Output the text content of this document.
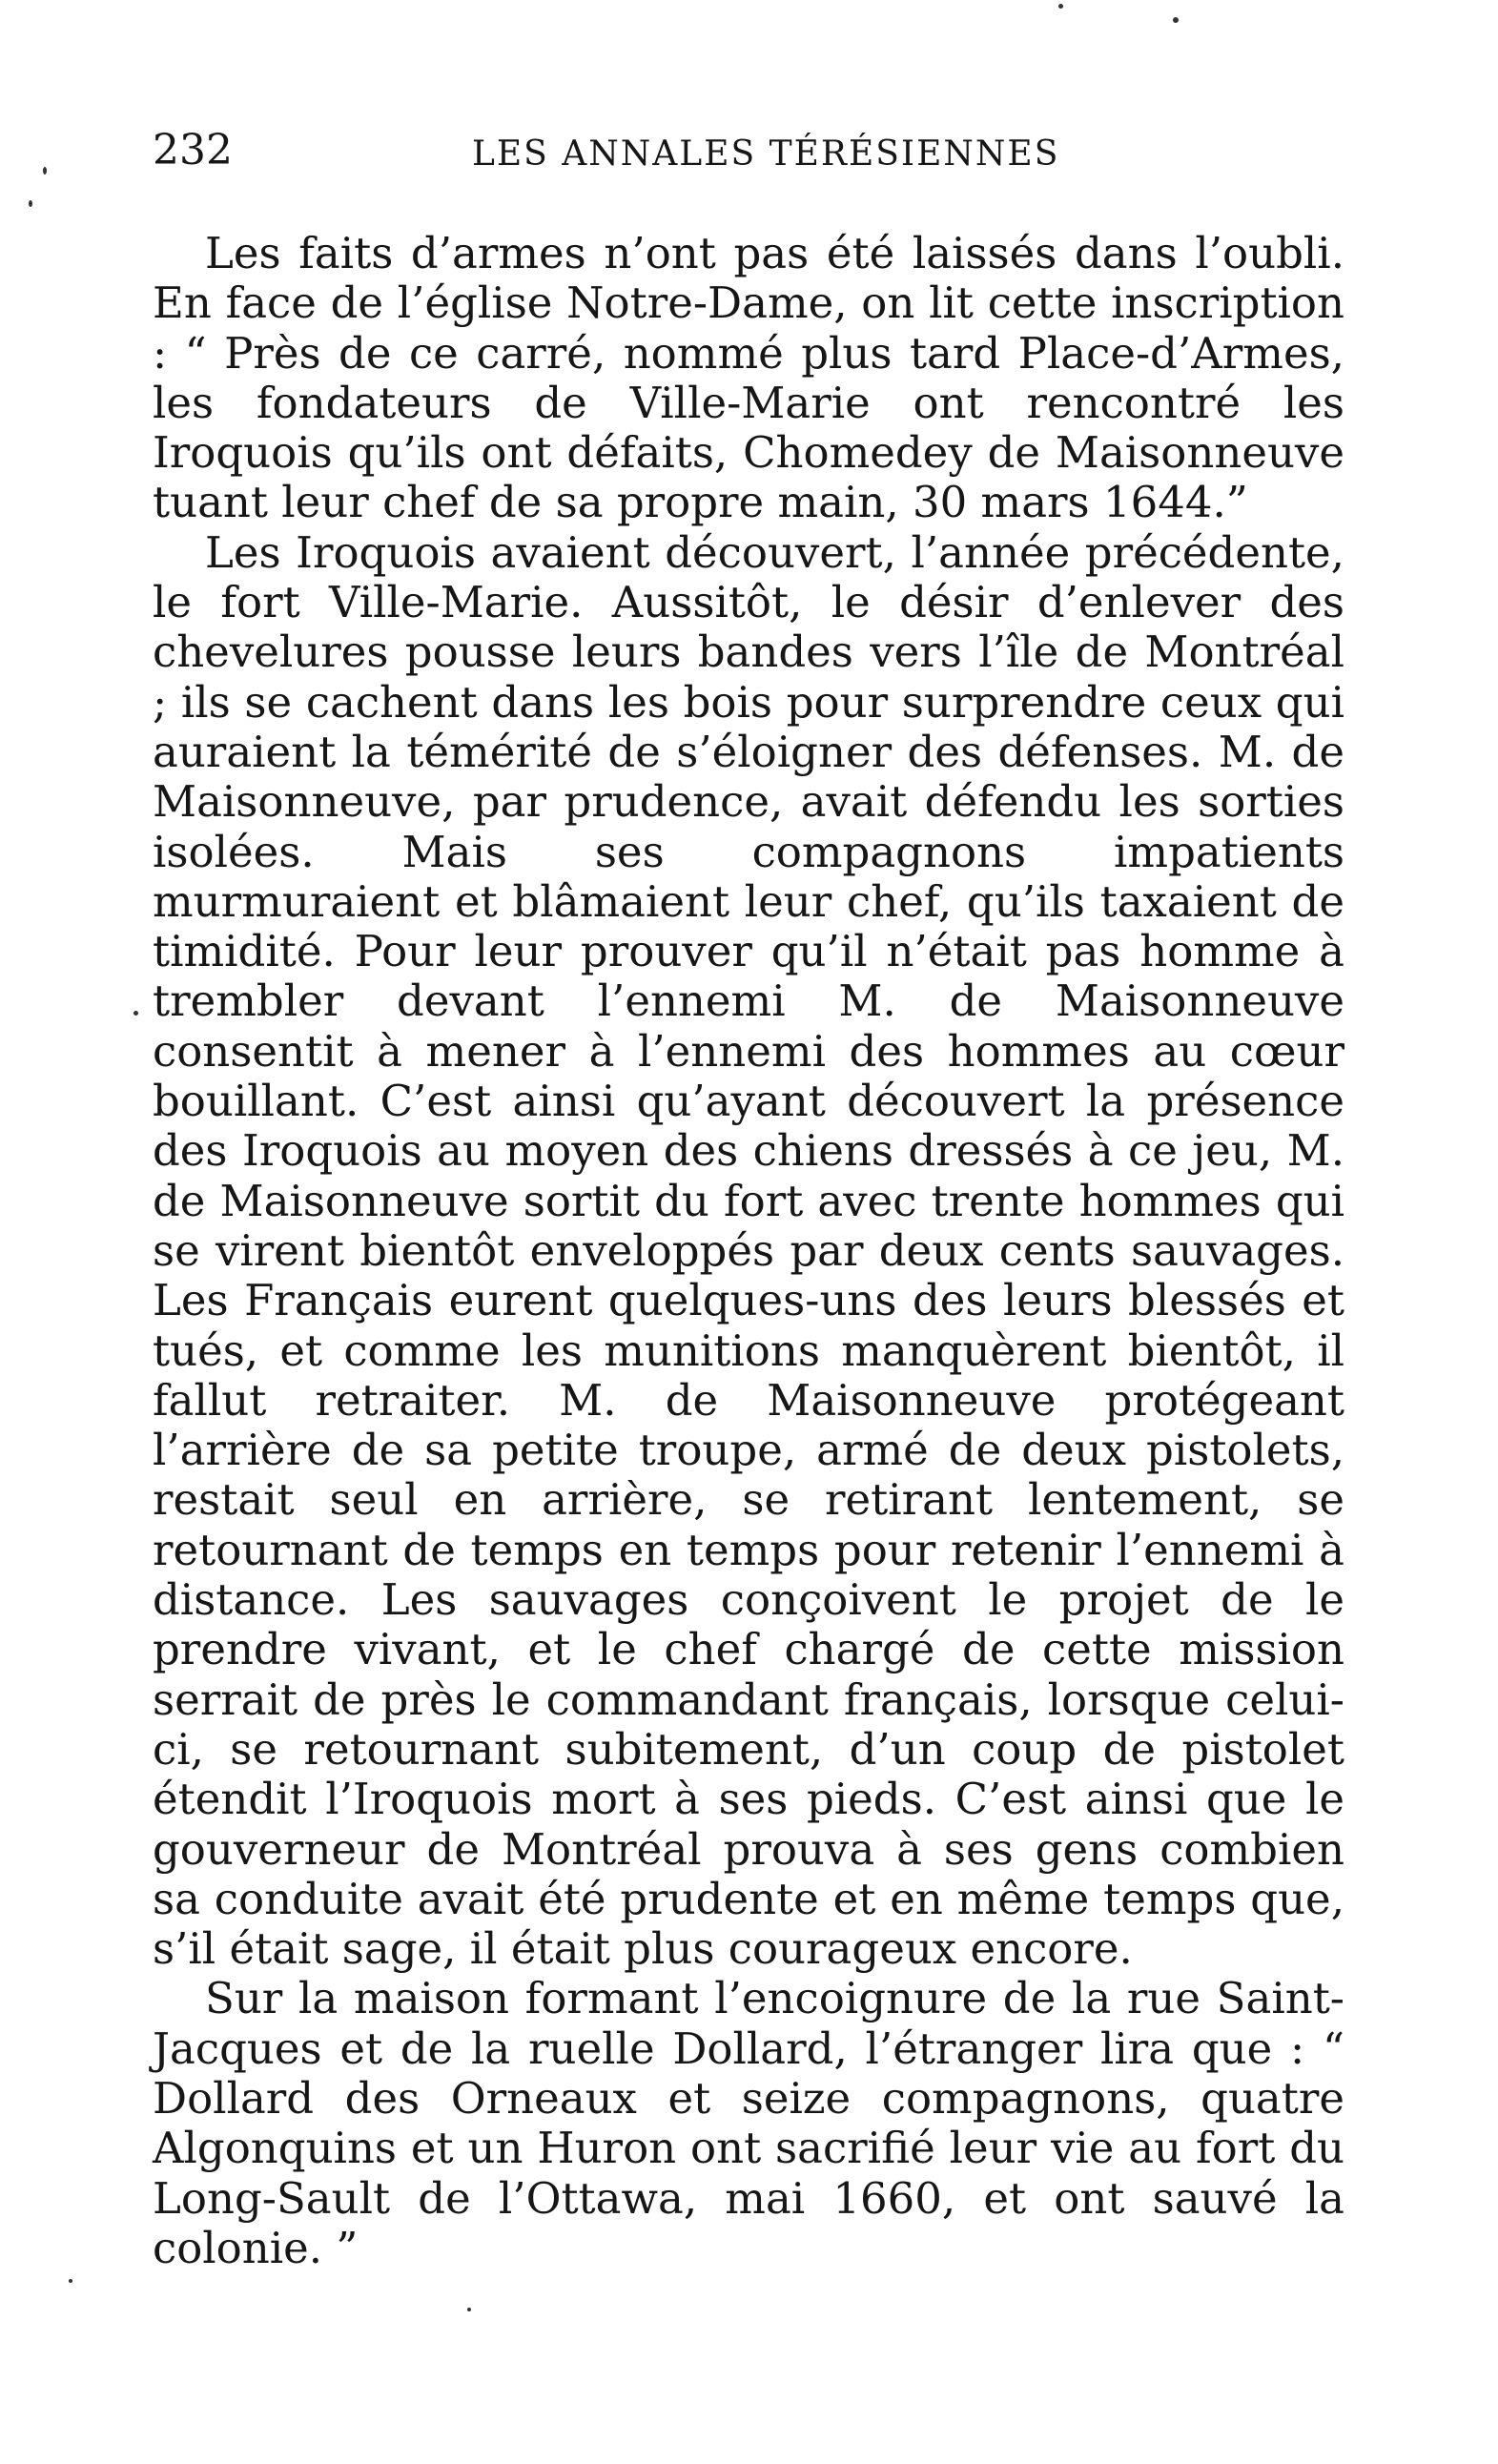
232	LES ANNALES TÉRÉSIENNES

Les faits d’armes n’ont pas été laissés dans l’oubli. En face de l’église Notre-Dame, on lit cette inscription : “ Près de ce carré, nommé plus tard Place-d’Armes, les fondateurs de Ville-Marie ont rencontré les Iroquois qu’ils ont défaits, Chomedey de Maisonneuve tuant leur chef de sa propre main, 30 mars 1644.”

Les Iroquois avaient découvert, l’année précédente, le fort Ville-Marie. Aussitôt, le désir d’enlever des chevelures pousse leurs bandes vers l’île de Montréal ; ils se cachent dans les bois pour surprendre ceux qui auraient la témérité de s’éloigner des défenses. M. de Maisonneuve, par prudence, avait défendu les sorties isolées. Mais ses compagnons impatients murmuraient et blâmaient leur chef, qu’ils taxaient de timidité. Pour leur prouver qu’il n’était pas homme à trembler devant l’ennemi M. de Maisonneuve consentit à mener à l’ennemi des hommes au cœur bouillant. C’est ainsi qu’ayant découvert la présence des Iroquois au moyen des chiens dressés à ce jeu, M. de Maisonneuve sortit du fort avec trente hommes qui se virent bientôt enveloppés par deux cents sauvages. Les Français eurent quelques-uns des leurs blessés et tués, et comme les munitions manquèrent bientôt, il fallut retraiter. M. de Maisonneuve protégeant l’arrière de sa petite troupe, armé de deux pistolets, restait seul en arrière, se retirant lentement, se retournant de temps en temps pour retenir l’ennemi à distance. Les sauvages conçoivent le projet de le prendre vivant, et le chef chargé de cette mission serrait de près le commandant français, lorsque celui-ci, se retournant subitement, d’un coup de pistolet étendit l’Iroquois mort à ses pieds. C’est ainsi que le gouverneur de Montréal prouva à ses gens combien sa conduite avait été prudente et en même temps que, s’il était sage, il était plus courageux encore.

Sur la maison formant l’encoignure de la rue Saint-Jacques et de la ruelle Dollard, l’étranger lira que : “ Dollard des Orneaux et seize compagnons, quatre Algonquins et un Huron ont sacrifié leur vie au fort du Long-Sault de l’Ottawa, mai 1660, et ont sauvé la colonie. ”
